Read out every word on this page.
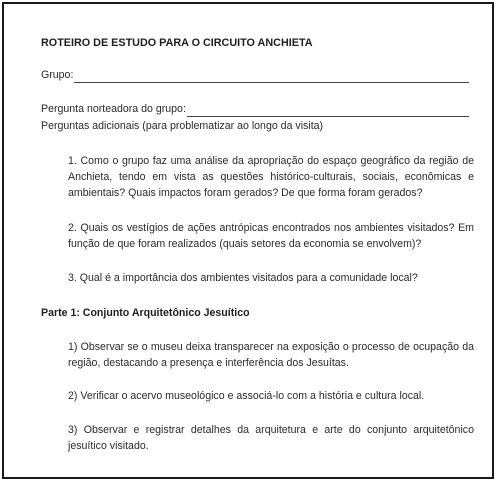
ROTEIRO DE ESTUDO PARA O CIRCUITO ANCHIETA

Grupo:
Pergunta norteadora do grupo:

Perguntas adicionais (para problematizar ao longo da visita)

1. Como o grupo faz uma análise da apropriação do espaço geográfico da região de Anchieta, tendo em vista as questões histórico-culturais, sociais, econômicas e ambientais? Quais impactos foram gerados? De que forma foram gerados?

2. Quais os vestígios de ações antrópicas encontrados nos ambientes visitados? Em função de que foram realizados (quais setores da economia se envolvem)?

3. Qual é a importância dos ambientes visitados para a comunidade local?

Parte 1: Conjunto Arquitetônico Jesuítico

1) Observar se o museu deixa transparecer na exposição o processo de ocupação da região, destacando a presença e interferência dos Jesuítas.

2) Verificar o acervo museológico e associá-lo com a história e cultura local.

3) Observar e registrar detalhes da arquitetura e arte do conjunto arquitetônico jesuítico visitado.
